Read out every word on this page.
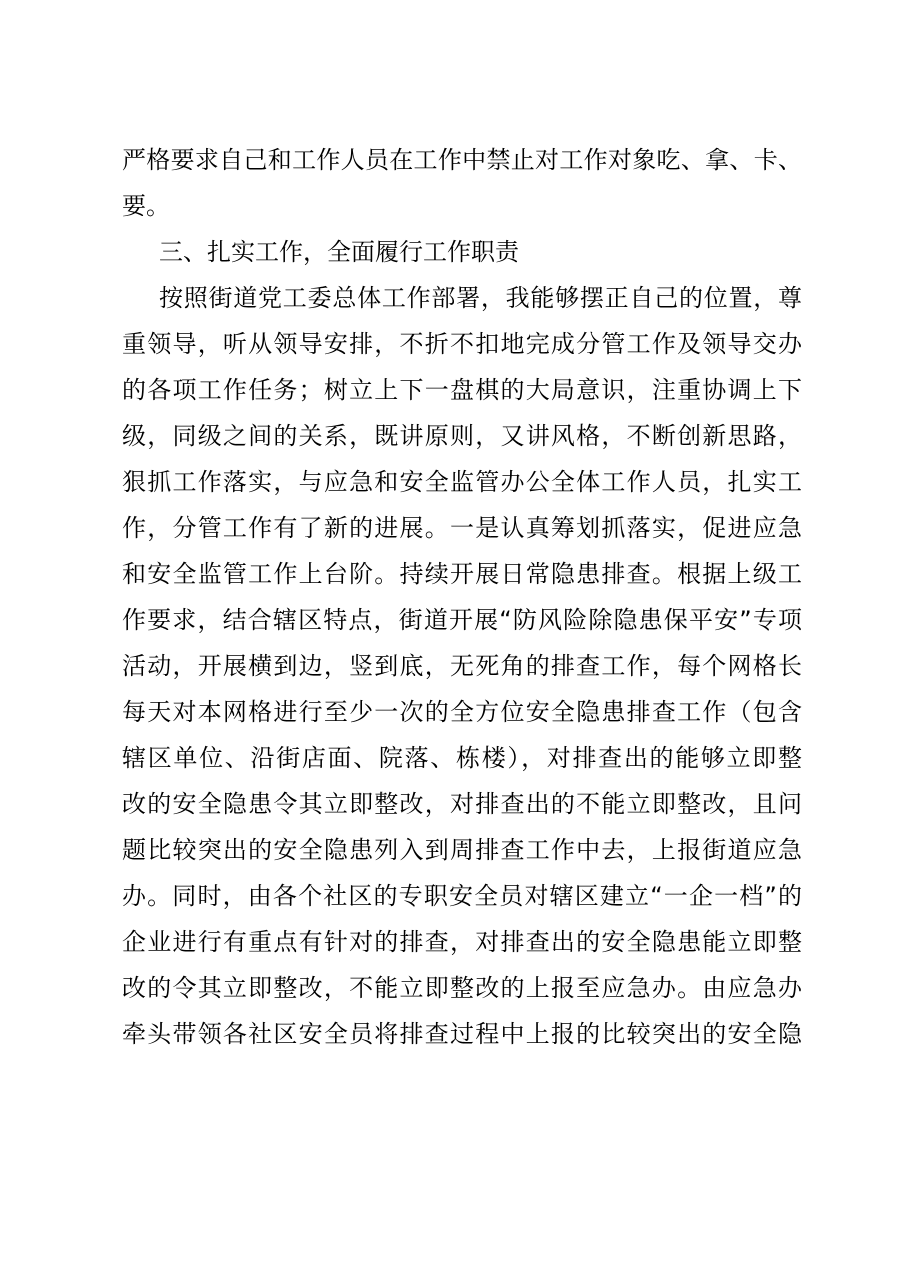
严格要求自己和工作人员在工作中禁止对工作对象吃、拿、卡、
要。
三、扎实工作，全面履行工作职责
按照街道党工委总体工作部署，我能够摆正自己的位置，尊
重领导，听从领导安排，不折不扣地完成分管工作及领导交办
的各项工作任务；树立上下一盘棋的大局意识，注重协调上下
级，同级之间的关系，既讲原则，又讲风格，不断创新思路，
狠抓工作落实，与应急和安全监管办公全体工作人员，扎实工
作，分管工作有了新的进展。一是认真筹划抓落实，促进应急
和安全监管工作上台阶。持续开展日常隐患排查。根据上级工
作要求，结合辖区特点，街道开展“防风险除隐患保平安”专项
活动，开展横到边，竖到底，无死角的排查工作，每个网格长
每天对本网格进行至少一次的全方位安全隐患排查工作（包含
辖区单位、沿街店面、院落、栋楼），对排查出的能够立即整
改的安全隐患令其立即整改，对排查出的不能立即整改，且问
题比较突出的安全隐患列入到周排查工作中去，上报街道应急
办。同时，由各个社区的专职安全员对辖区建立“一企一档”的
企业进行有重点有针对的排查，对排查出的安全隐患能立即整
改的令其立即整改，不能立即整改的上报至应急办。由应急办
牵头带领各社区安全员将排查过程中上报的比较突出的安全隐
